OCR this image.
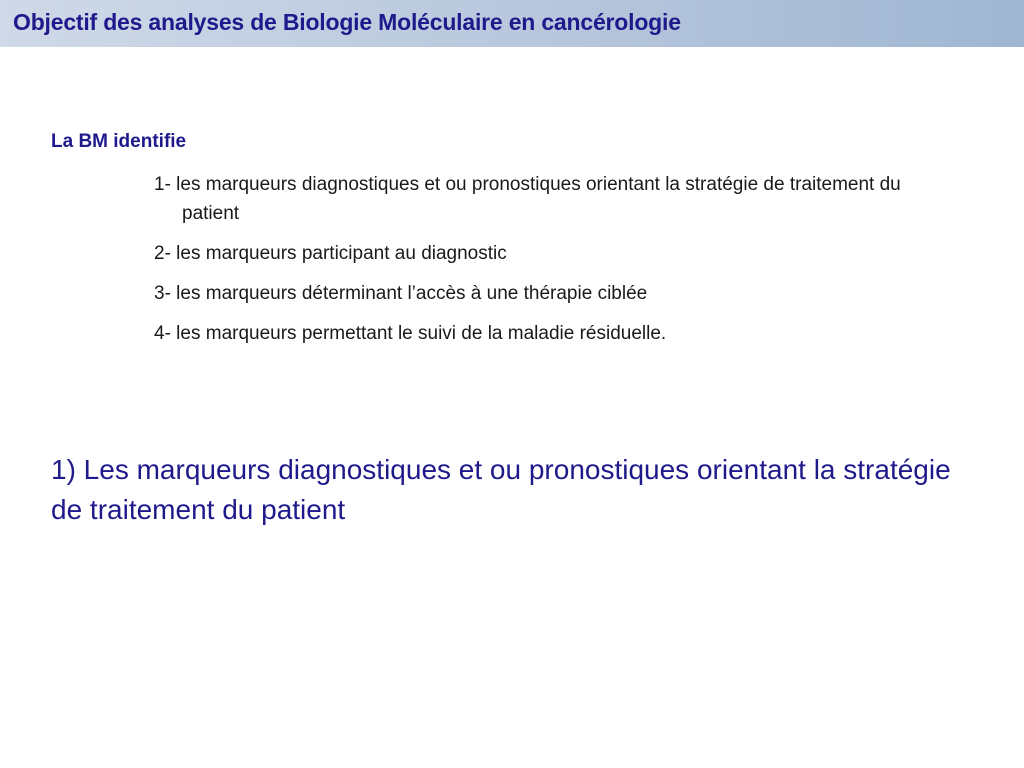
Objectif des analyses de Biologie Moléculaire en cancérologie
La BM identifie
1- les marqueurs diagnostiques et ou pronostiques orientant la stratégie de traitement du patient
2- les marqueurs participant au diagnostic
3- les marqueurs déterminant l’accès à une thérapie ciblée
4- les marqueurs permettant le suivi de la maladie résiduelle.

1) Les marqueurs diagnostiques et ou pronostiques orientant la stratégie de traitement du patient
